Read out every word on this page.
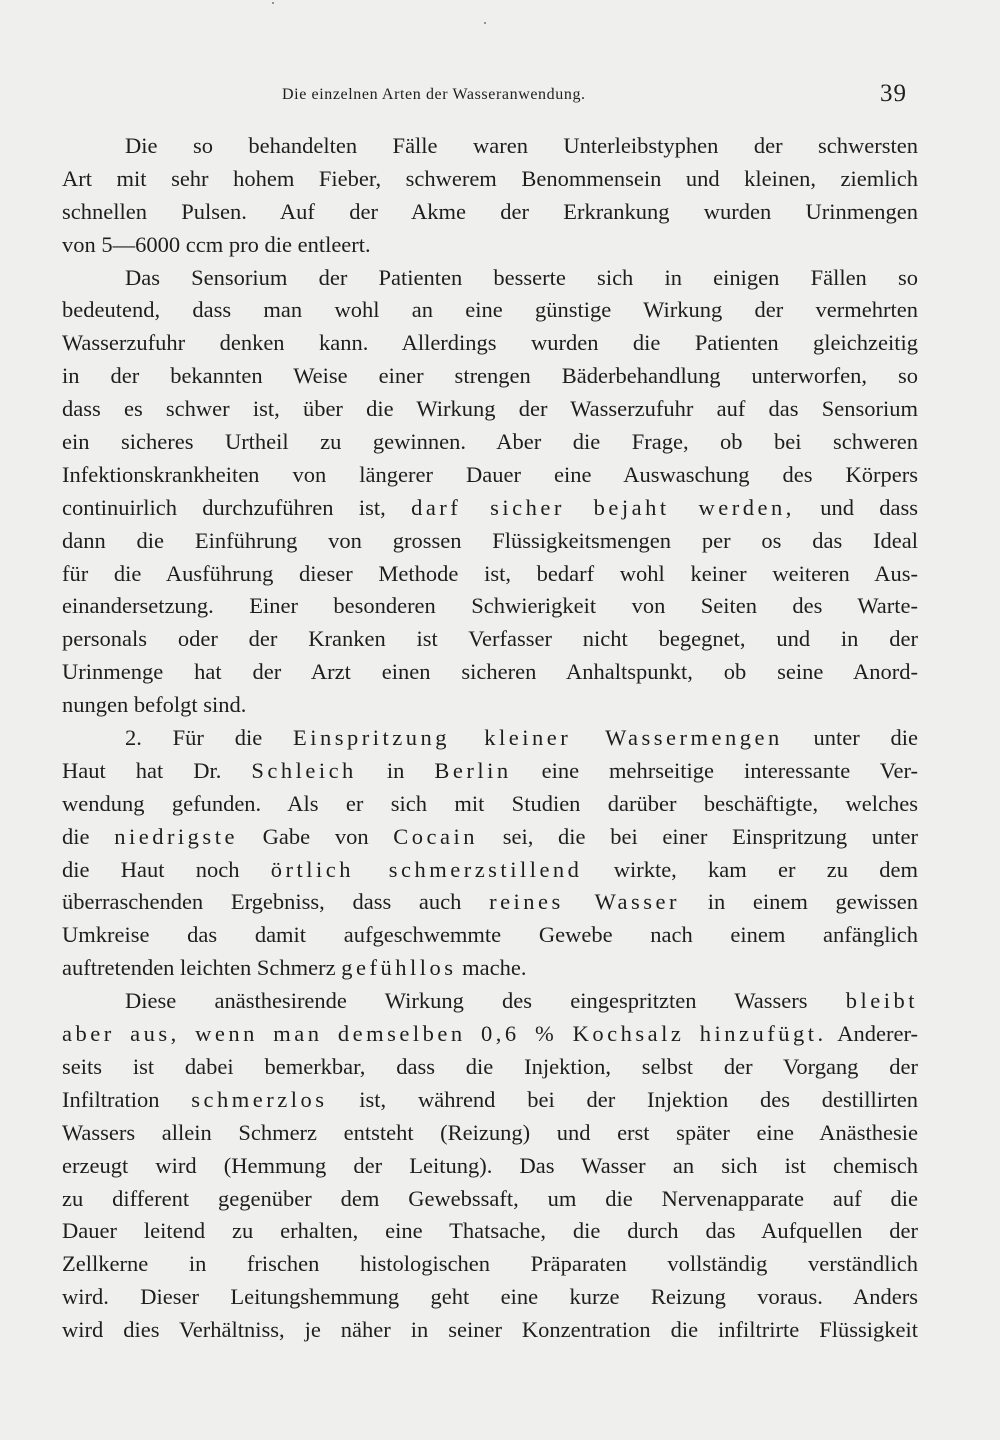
Die einzelnen Arten der Wasseranwendung.	39
Die so behandelten Fälle waren Unterleibstyphen der schwersten
Art mit sehr hohem Fieber, schwerem Benommensein und kleinen, ziemlich
schnellen Pulsen. Auf der Akme der Erkrankung wurden Urinmengen
von 5—6000 ccm pro die entleert.
Das Sensorium der Patienten besserte sich in einigen Fällen so
bedeutend, dass man wohl an eine günstige Wirkung der vermehrten
Wasserzufuhr denken kann. Allerdings wurden die Patienten gleichzeitig
in der bekannten Weise einer strengen Bäderbehandlung unterworfen, so
dass es schwer ist, über die Wirkung der Wasserzufuhr auf das Sensorium
ein sicheres Urtheil zu gewinnen. Aber die Frage, ob bei schweren
Infektionskrankheiten von längerer Dauer eine Auswaschung des Körpers
continuirlich durchzuführen ist, darf sicher bejaht werden, und dass
dann die Einführung von grossen Flüssigkeitsmengen per os das Ideal
für die Ausführung dieser Methode ist, bedarf wohl keiner weiteren Aus-
einandersetzung. Einer besonderen Schwierigkeit von Seiten des Warte-
personals oder der Kranken ist Verfasser nicht begegnet, und in der
Urinmenge hat der Arzt einen sicheren Anhaltspunkt, ob seine Anord-
nungen befolgt sind.
2. Für die Einspritzung kleiner Wassermengen unter die
Haut hat Dr. Schleich in Berlin eine mehrseitige interessante Ver-
wendung gefunden. Als er sich mit Studien darüber beschäftigte, welches
die niedrigste Gabe von Cocain sei, die bei einer Einspritzung unter
die Haut noch örtlich schmerzstillend wirkte, kam er zu dem
überraschenden Ergebniss, dass auch reines Wasser in einem gewissen
Umkreise das damit aufgeschwemmte Gewebe nach einem anfänglich
auftretenden leichten Schmerz gefühllos mache.
Diese anästhesirende Wirkung des eingespritzten Wassers bleibt
aber aus, wenn man demselben 0,6 % Kochsalz hinzufügt. Anderer-
seits ist dabei bemerkbar, dass die Injektion, selbst der Vorgang der
Infiltration schmerzlos ist, während bei der Injektion des destillirten
Wassers allein Schmerz entsteht (Reizung) und erst später eine Anästhesie
erzeugt wird (Hemmung der Leitung). Das Wasser an sich ist chemisch
zu different gegenüber dem Gewebssaft, um die Nervenapparate auf die
Dauer leitend zu erhalten, eine Thatsache, die durch das Aufquellen der
Zellkerne in frischen histologischen Präparaten vollständig verständlich
wird. Dieser Leitungshemmung geht eine kurze Reizung voraus. Anders
wird dies Verhältniss, je näher in seiner Konzentration die infiltrirte Flüssigkeit
